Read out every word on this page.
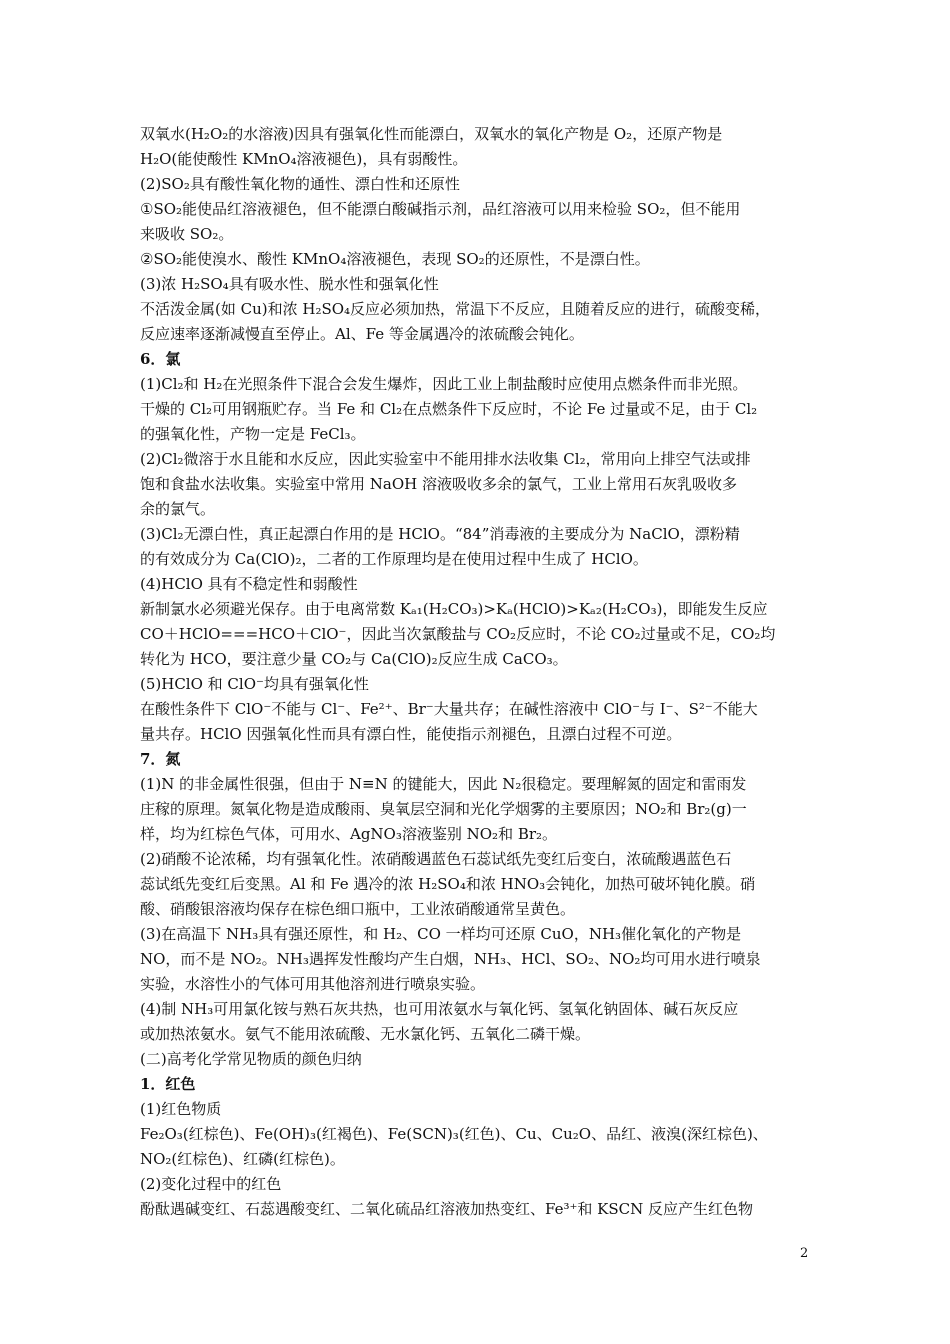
双氧水(H₂O₂的水溶液)因具有强氧化性而能漂白，双氧水的氧化产物是 O₂，还原产物是
H₂O(能使酸性 KMnO₄溶液褪色)，具有弱酸性。
(2)SO₂具有酸性氧化物的通性、漂白性和还原性
①SO₂能使品红溶液褪色，但不能漂白酸碱指示剂，品红溶液可以用来检验 SO₂，但不能用
来吸收 SO₂。
②SO₂能使溴水、酸性 KMnO₄溶液褪色，表现 SO₂的还原性，不是漂白性。
(3)浓 H₂SO₄具有吸水性、脱水性和强氧化性
不活泼金属(如 Cu)和浓 H₂SO₄反应必须加热，常温下不反应，且随着反应的进行，硫酸变稀，
反应速率逐渐减慢直至停止。Al、Fe 等金属遇冷的浓硫酸会钝化。
6．氯
(1)Cl₂和 H₂在光照条件下混合会发生爆炸，因此工业上制盐酸时应使用点燃条件而非光照。
干燥的 Cl₂可用钢瓶贮存。当 Fe 和 Cl₂在点燃条件下反应时，不论 Fe 过量或不足，由于 Cl₂
的强氧化性，产物一定是 FeCl₃。
(2)Cl₂微溶于水且能和水反应，因此实验室中不能用排水法收集 Cl₂，常用向上排空气法或排
饱和食盐水法收集。实验室中常用 NaOH 溶液吸收多余的氯气，工业上常用石灰乳吸收多
余的氯气。
(3)Cl₂无漂白性，真正起漂白作用的是 HClO。“84”消毒液的主要成分为 NaClO，漂粉精
的有效成分为 Ca(ClO)₂，二者的工作原理均是在使用过程中生成了 HClO。
(4)HClO 具有不稳定性和弱酸性
新制氯水必须避光保存。由于电离常数 Kₐ₁(H₂CO₃)>Kₐ(HClO)>Kₐ₂(H₂CO₃)，即能发生反应
CO＋HClO===HCO＋ClO⁻，因此当次氯酸盐与 CO₂反应时，不论 CO₂过量或不足，CO₂均
转化为 HCO，要注意少量 CO₂与 Ca(ClO)₂反应生成 CaCO₃。
(5)HClO 和 ClO⁻均具有强氧化性
在酸性条件下 ClO⁻不能与 Cl⁻、Fe²⁺、Br⁻大量共存；在碱性溶液中 ClO⁻与 I⁻、S²⁻不能大
量共存。HClO 因强氧化性而具有漂白性，能使指示剂褪色，且漂白过程不可逆。
7．氮
(1)N 的非金属性很强，但由于 N≡N 的键能大，因此 N₂很稳定。要理解氮的固定和雷雨发
庄稼的原理。氮氧化物是造成酸雨、臭氧层空洞和光化学烟雾的主要原因；NO₂和 Br₂(g)一
样，均为红棕色气体，可用水、AgNO₃溶液鉴别 NO₂和 Br₂。
(2)硝酸不论浓稀，均有强氧化性。浓硝酸遇蓝色石蕊试纸先变红后变白，浓硫酸遇蓝色石
蕊试纸先变红后变黑。Al 和 Fe 遇冷的浓 H₂SO₄和浓 HNO₃会钝化，加热可破坏钝化膜。硝
酸、硝酸银溶液均保存在棕色细口瓶中，工业浓硝酸通常呈黄色。
(3)在高温下 NH₃具有强还原性，和 H₂、CO 一样均可还原 CuO，NH₃催化氧化的产物是
NO，而不是 NO₂。NH₃遇挥发性酸均产生白烟，NH₃、HCl、SO₂、NO₂均可用水进行喷泉
实验，水溶性小的气体可用其他溶剂进行喷泉实验。
(4)制 NH₃可用氯化铵与熟石灰共热，也可用浓氨水与氧化钙、氢氧化钠固体、碱石灰反应
或加热浓氨水。氨气不能用浓硫酸、无水氯化钙、五氧化二磷干燥。
(二)高考化学常见物质的颜色归纳
1．红色
(1)红色物质
Fe₂O₃(红棕色)、Fe(OH)₃(红褐色)、Fe(SCN)₃(红色)、Cu、Cu₂O、品红、液溴(深红棕色)、
NO₂(红棕色)、红磷(红棕色)。
(2)变化过程中的红色
酚酞遇碱变红、石蕊遇酸变红、二氧化硫品红溶液加热变红、Fe³⁺和 KSCN 反应产生红色物
2
